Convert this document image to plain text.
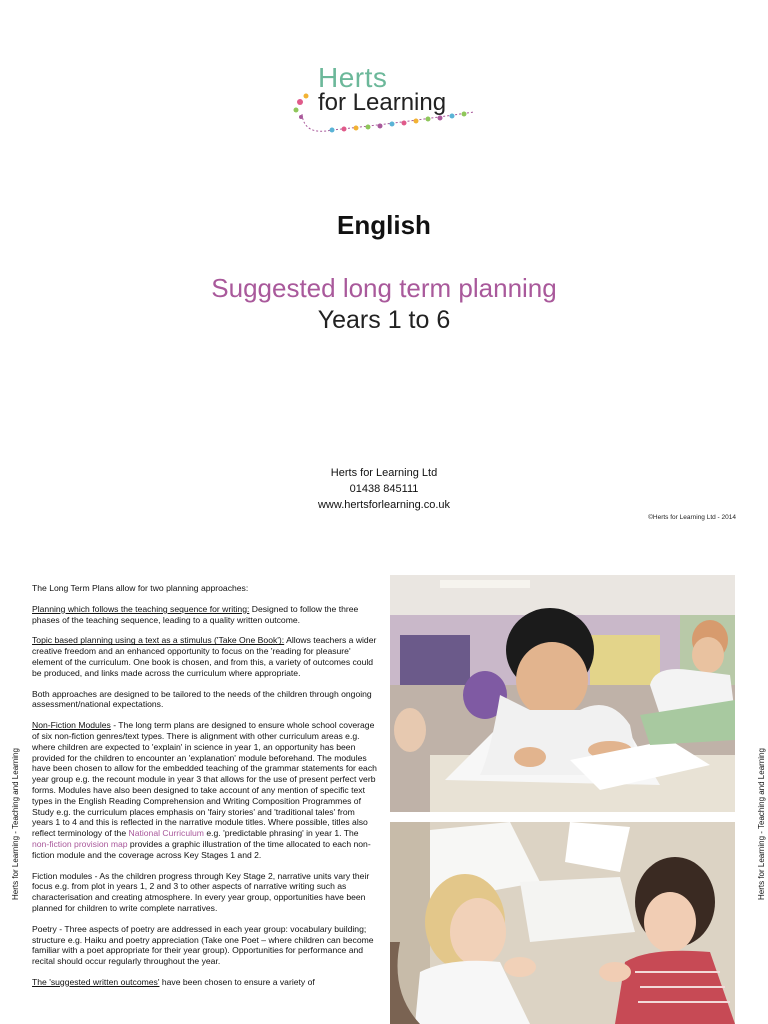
Herts
for Learning
English
Suggested long term planning
Years 1 to 6
Herts for Learning Ltd
01438 845111
www.hertsforlearning.co.uk
©Herts for Learning Ltd - 2014
Herts for Learning - Teaching and Learning	Herts for Learning - Teaching and Learning

The Long Term Plans allow for two planning approaches:

Planning which follows the teaching sequence for writing: Designed to follow the three phases of the teaching sequence, leading to a quality written outcome.

Topic based planning using a text as a stimulus ('Take One Book'): Allows teachers a wider creative freedom and an enhanced opportunity to focus on the 'reading for pleasure' element of the curriculum. One book is chosen, and from this, a variety of outcomes could be produced, and links made across the curriculum where appropriate.

Both approaches are designed to be tailored to the needs of the children through ongoing assessment/national expectations.

Non-Fiction Modules - The long term plans are designed to ensure whole school coverage of six non-fiction genres/text types. There is alignment with other curriculum areas e.g. where children are expected to 'explain' in science in year 1, an opportunity has been provided for the children to encounter an 'explanation' module beforehand. The modules have been chosen to allow for the embedded teaching of the grammar statements for each year group e.g. the recount module in year 3 that allows for the use of present perfect verb forms. Modules have also been designed to take account of any mention of specific text types in the English Reading Comprehension and Writing Composition Programmes of Study e.g. the curriculum places emphasis on 'fairy stories' and 'traditional tales' from years 1 to 4 and this is reflected in the narrative module titles. Where possible, titles also reflect terminology of the National Curriculum e.g. 'predictable phrasing' in year 1. The non-fiction provision map provides a graphic illustration of the time allocated to each non-fiction module and the coverage across Key Stages 1 and 2.

Fiction modules - As the children progress through Key Stage 2, narrative units vary their focus e.g. from plot in years 1, 2 and 3 to other aspects of narrative writing such as characterisation and creating atmosphere. In every year group, opportunities have been planned for children to write complete narratives.

Poetry - Three aspects of poetry are addressed in each year group: vocabulary building; structure e.g. Haiku and poetry appreciation (Take one Poet – where children can become familiar with a poet appropriate for their year group). Opportunities for performance and recital should occur regularly throughout the year.

The 'suggested written outcomes' have been chosen to ensure a variety of
